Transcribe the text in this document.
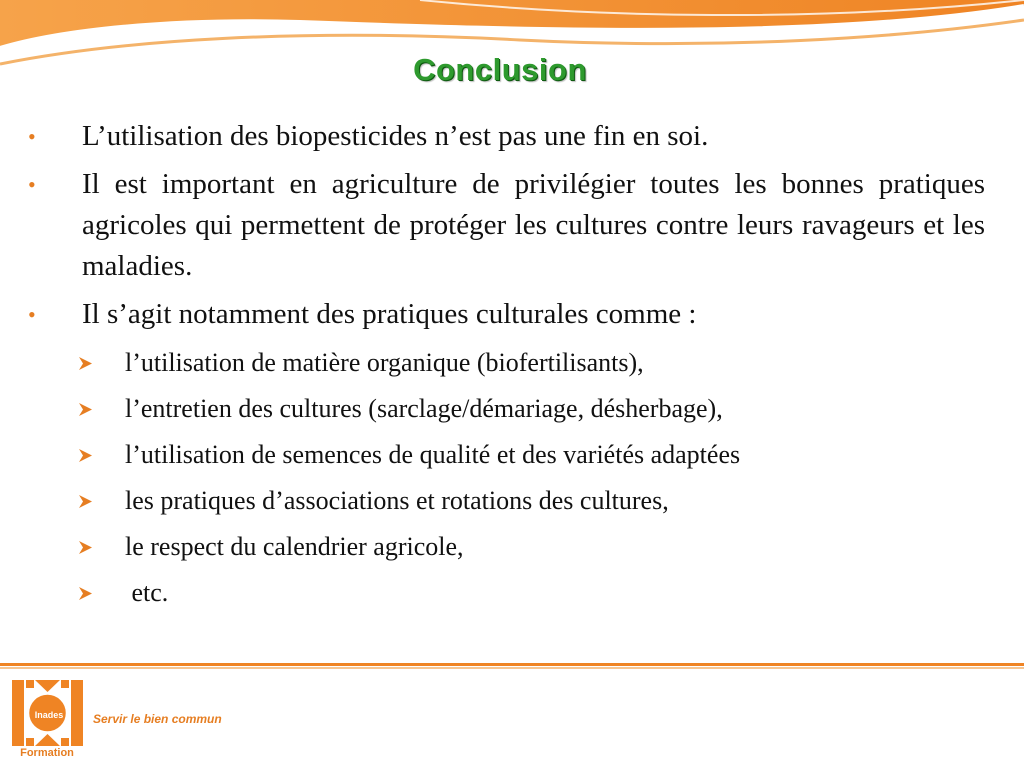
Conclusion
• L’utilisation des biopesticides n’est pas une fin en soi.
• Il est important en agriculture de privilégier toutes les bonnes pratiques agricoles qui permettent de protéger les cultures contre leurs ravageurs et les maladies.
• Il s’agit notamment des pratiques culturales comme :
l’utilisation de matière organique (biofertilisants),
l’entretien des cultures (sarclage/démariage, désherbage),
l’utilisation de semences de qualité et des variétés adaptées
les pratiques d’associations et rotations des cultures,
le respect du calendrier agricole,
etc.
Inades
Formation
Servir le bien commun
